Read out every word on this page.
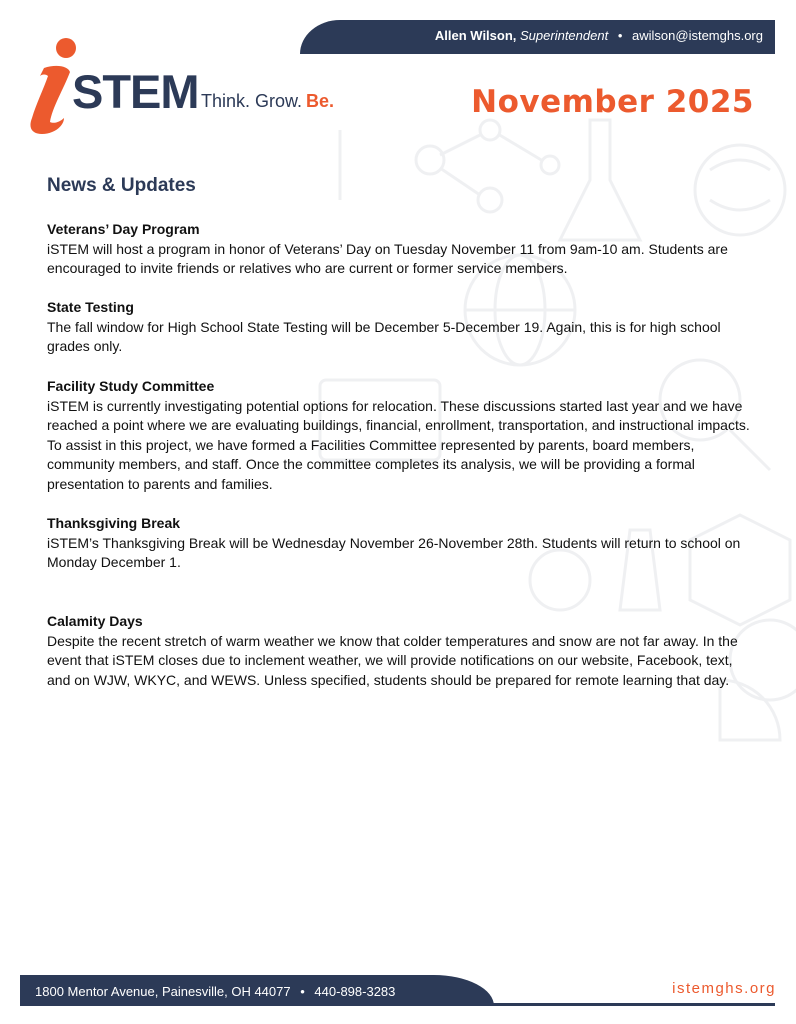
Allen Wilson, Superintendent • awilson@istemghs.org
STEM Think. Grow. Be.	November 2025
News & Updates
Veterans’ Day Program

iSTEM will host a program in honor of Veterans’ Day on Tuesday November 11 from 9am-10 am. Students are encouraged to invite friends or relatives who are current or former service members.

State Testing

The fall window for High School State Testing will be December 5-December 19. Again, this is for high school grades only.

Facility Study Committee

iSTEM is currently investigating potential options for relocation. These discussions started last year and we have reached a point where we are evaluating buildings, financial, enrollment, transportation, and instructional impacts. To assist in this project, we have formed a Facilities Committee represented by parents, board members, community members, and staff. Once the committee completes its analysis, we will be providing a formal presentation to parents and families.

Thanksgiving Break

iSTEM’s Thanksgiving Break will be Wednesday November 26-November 28th. Students will return to school on Monday December 1.

Calamity Days

Despite the recent stretch of warm weather we know that colder temperatures and snow are not far away. In the event that iSTEM closes due to inclement weather, we will provide notifications on our website, Facebook, text, and on WJW, WKYC, and WEWS. Unless specified, students should be prepared for remote learning that day.

1800 Mentor Avenue, Painesville, OH 44077 • 440-898-3283	istemghs.org
